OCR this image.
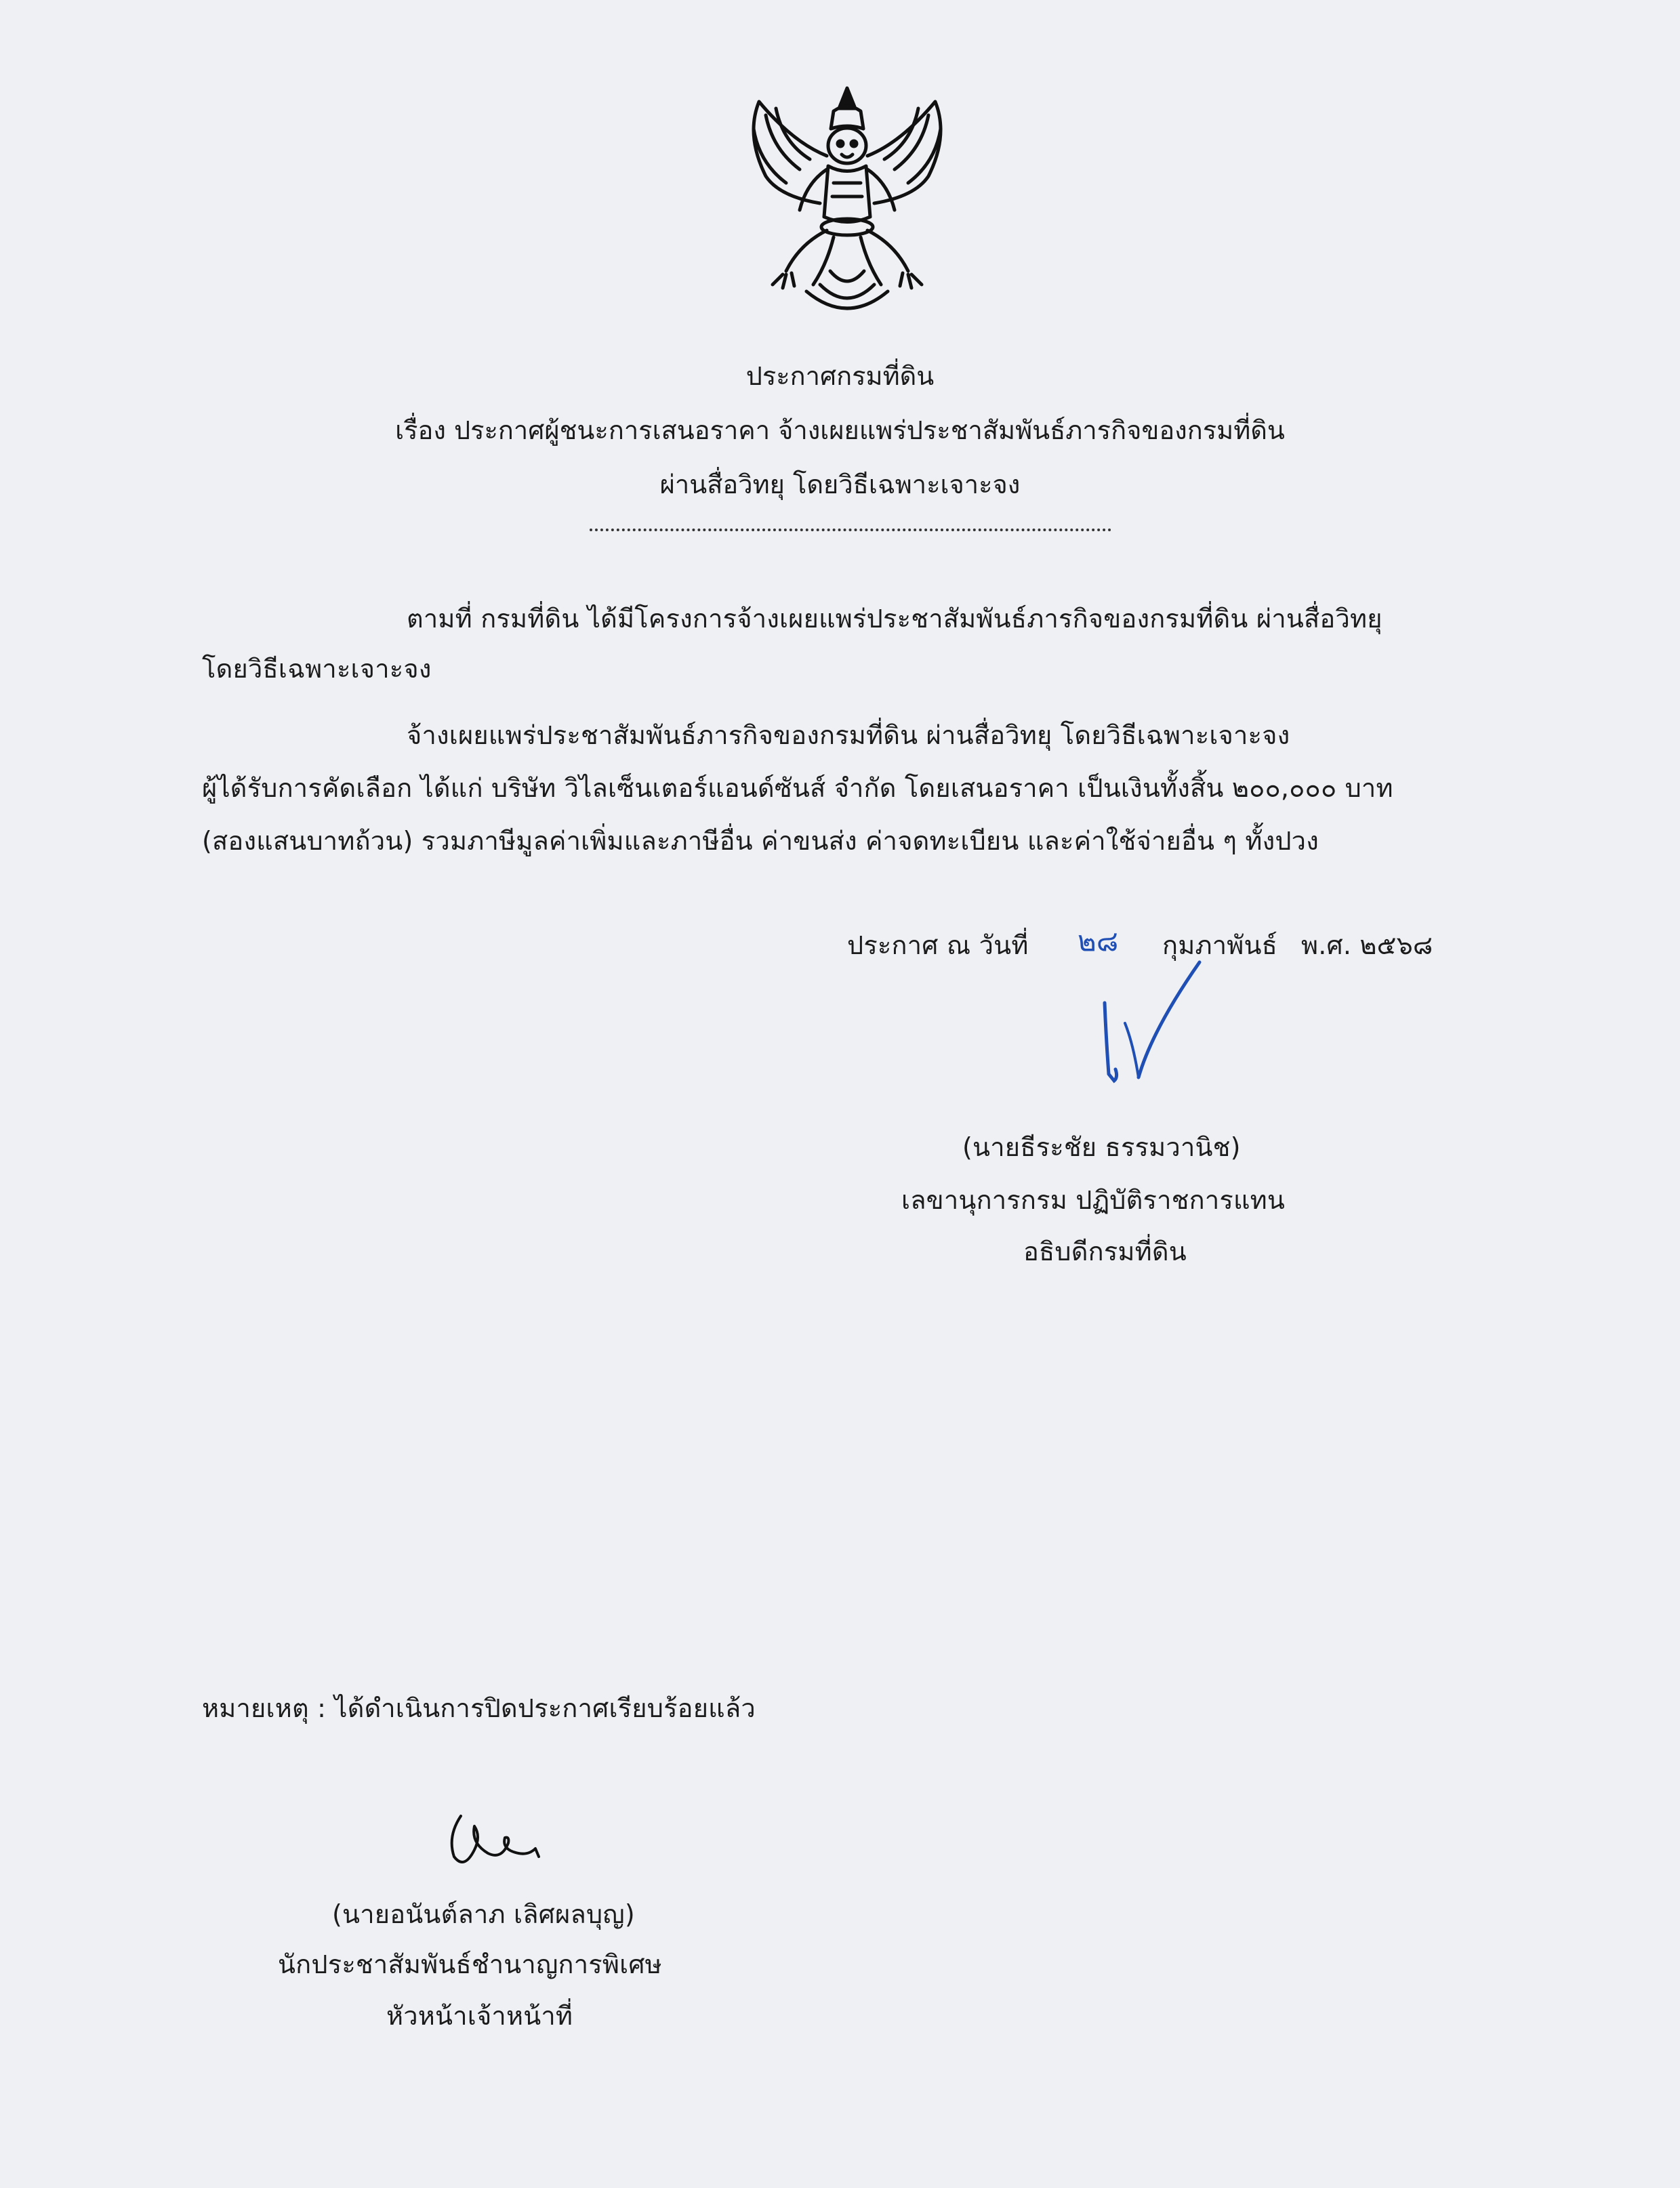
ประกาศกรมที่ดิน
เรื่อง ประกาศผู้ชนะการเสนอราคา จ้างเผยแพร่ประชาสัมพันธ์ภารกิจของกรมที่ดิน
ผ่านสื่อวิทยุ โดยวิธีเฉพาะเจาะจง
ตามที่ กรมที่ดิน ได้มีโครงการจ้างเผยแพร่ประชาสัมพันธ์ภารกิจของกรมที่ดิน ผ่านสื่อวิทยุ
โดยวิธีเฉพาะเจาะจง
จ้างเผยแพร่ประชาสัมพันธ์ภารกิจของกรมที่ดิน ผ่านสื่อวิทยุ โดยวิธีเฉพาะเจาะจง
ผู้ได้รับการคัดเลือก ได้แก่ บริษัท วิไลเซ็นเตอร์แอนด์ซันส์ จำกัด โดยเสนอราคา เป็นเงินทั้งสิ้น ๒๐๐,๐๐๐ บาท
(สองแสนบาทถ้วน) รวมภาษีมูลค่าเพิ่มและภาษีอื่น ค่าขนส่ง ค่าจดทะเบียน และค่าใช้จ่ายอื่น ๆ ทั้งปวง
ประกาศ ณ วันที่ ๒๘ กุมภาพันธ์ พ.ศ. ๒๕๖๘
(นายธีระชัย ธรรมวานิช)
เลขานุการกรม ปฏิบัติราชการแทน
อธิบดีกรมที่ดิน
หมายเหตุ : ได้ดำเนินการปิดประกาศเรียบร้อยแล้ว
(นายอนันต์ลาภ เลิศผลบุญ)
นักประชาสัมพันธ์ชำนาญการพิเศษ
หัวหน้าเจ้าหน้าที่
